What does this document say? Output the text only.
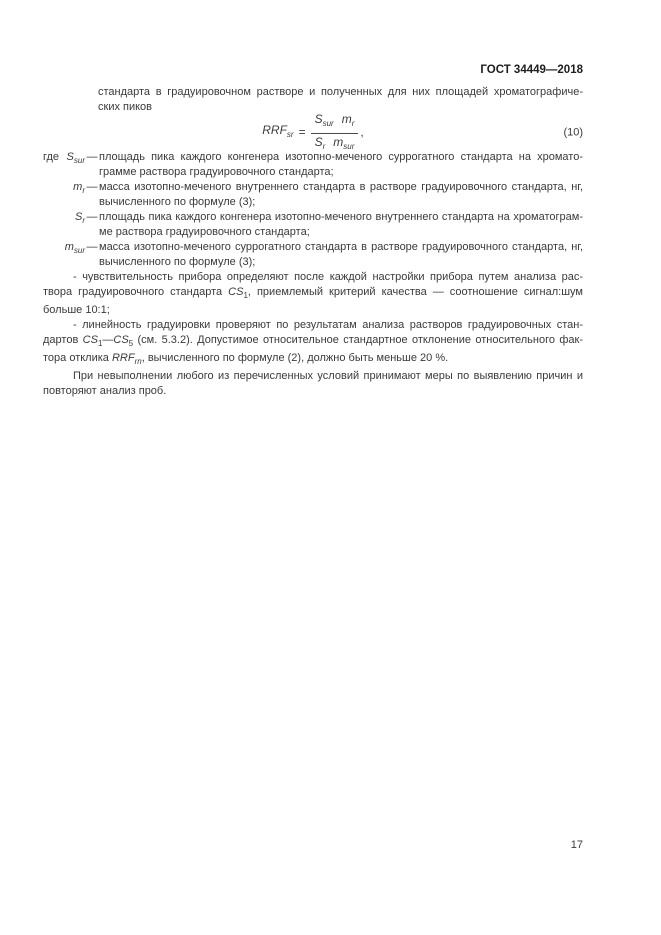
ГОСТ 34449—2018
стандарта в градуировочном растворе и полученных для них площадей хроматографиче-
ских пиков
$RRF_{sr} = \frac{S_{sur} m_r}{S_r m_{sur}}$ ,	(10)
где $S_{sur}$ — площадь пика каждого конгенера изотопно-меченого суррогатного стандарта на хромато-
грамме раствора градуировочного стандарта;
$m_r$ — масса изотопно-меченого внутреннего стандарта в растворе градуировочного стандарта, нг,
вычисленного по формуле (3);
$S_r$ — площадь пика каждого конгенера изотопно-меченого внутреннего стандарта на хроматограм-
ме раствора градуировочного стандарта;
$m_{sur}$ — масса изотопно-меченого суррогатного стандарта в растворе градуировочного стандарта, нг,
вычисленного по формуле (3);
- чувствительность прибора определяют после каждой настройки прибора путем анализа рас-
твора градуировочного стандарта $CS_1$, приемлемый критерий качества — соотношение сигнал:шум
больше 10:1;
- линейность градуировки проверяют по результатам анализа растворов градуировочных стан-
дартов $CS_1—CS_5$ (см. 5.3.2). Допустимое относительное стандартное отклонение относительного фак-
тора отклика $RRF_{rn}$, вычисленного по формуле (2), должно быть меньше 20 %.
При невыполнении любого из перечисленных условий принимают меры по выявлению причин и
повторяют анализ проб.
17
